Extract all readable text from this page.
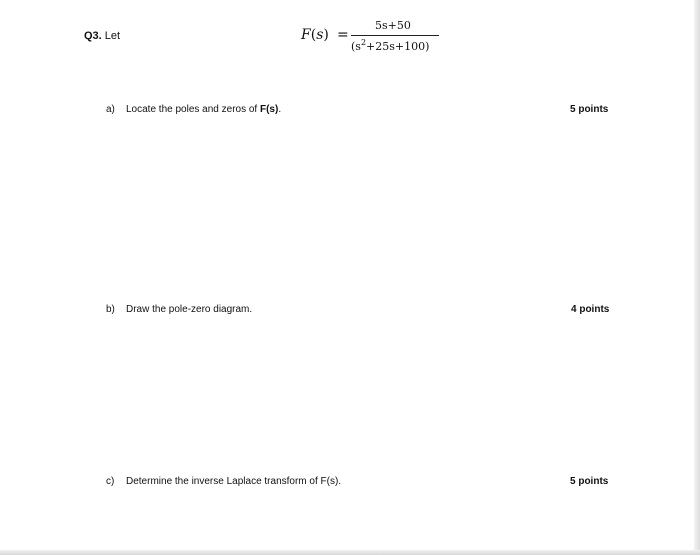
Q3. Let	F(s) =
5s+50
$(s^2+25s+100)$
a) Locate the poles and zeros of F(s).	5 points
b) Draw the pole-zero diagram.	4 points
c) Determine the inverse Laplace transform of F(s).	5 points
